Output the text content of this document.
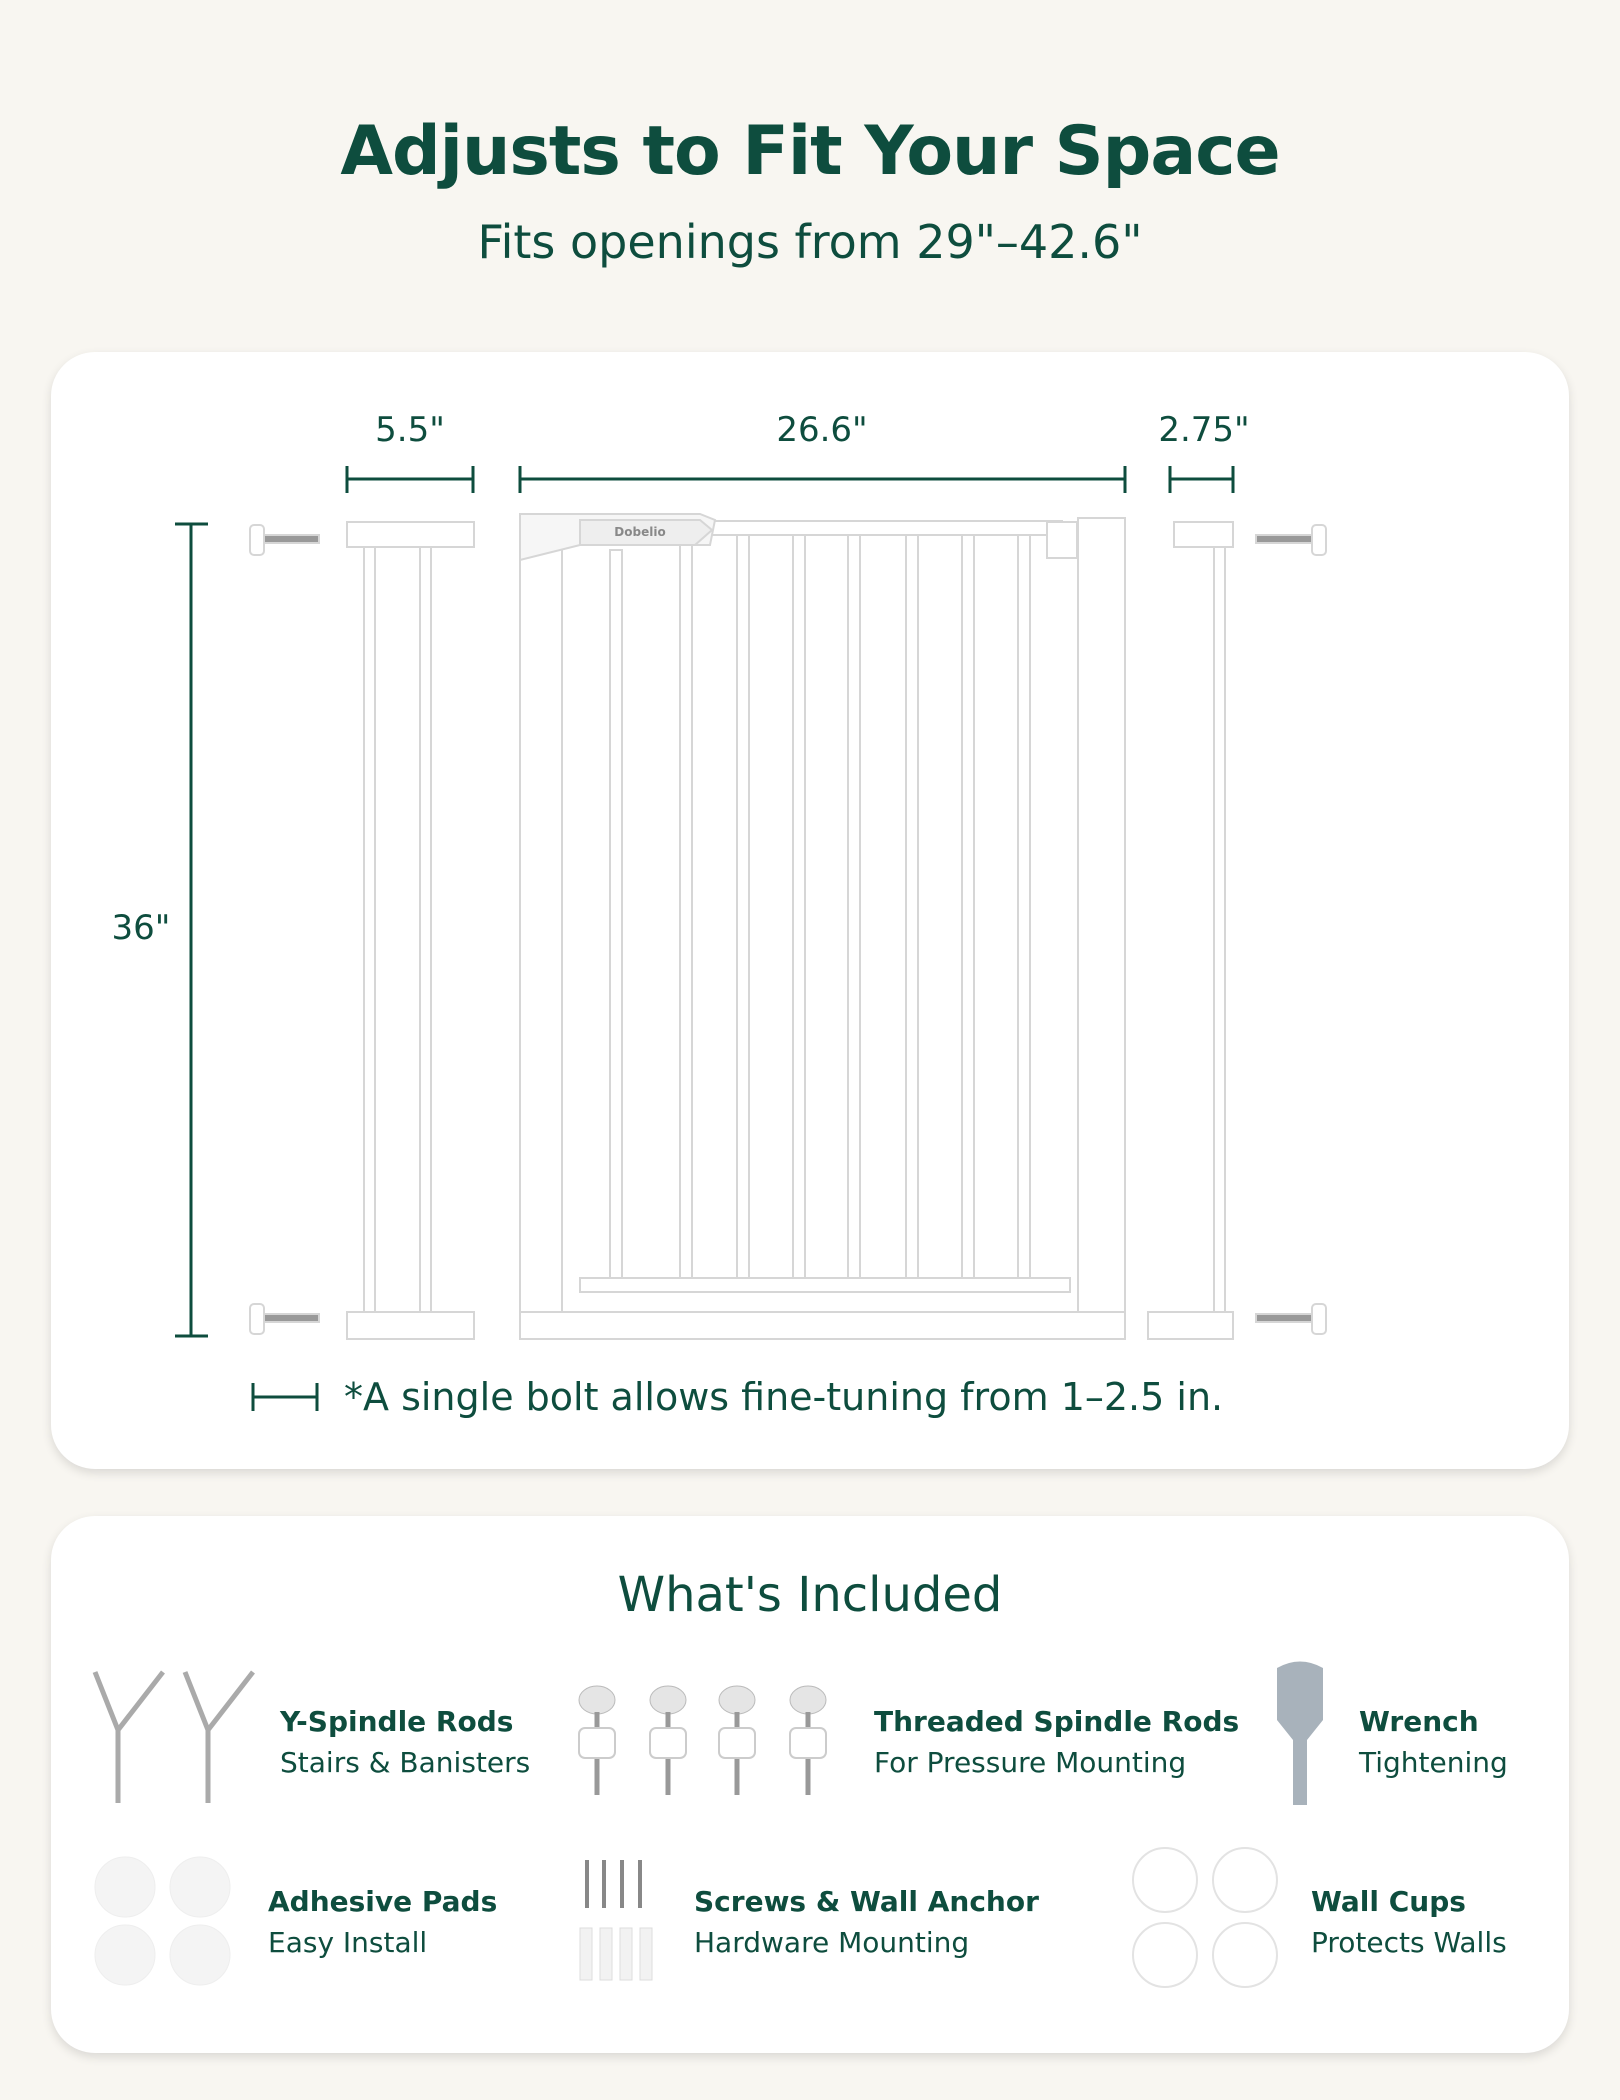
Adjusts to Fit Your Space
Fits openings from 29"–42.6"
Dobelio
5.5"	26.6"	2.75"
36"
*A single bolt allows fine-tuning from 1–2.5 in.
What's Included
Y-Spindle Rods
Stairs & Banisters
Threaded Spindle Rods
For Pressure Mounting
Wrench
Tightening
Adhesive Pads
Easy Install
Screws & Wall Anchor
Hardware Mounting
Wall Cups
Protects Walls
